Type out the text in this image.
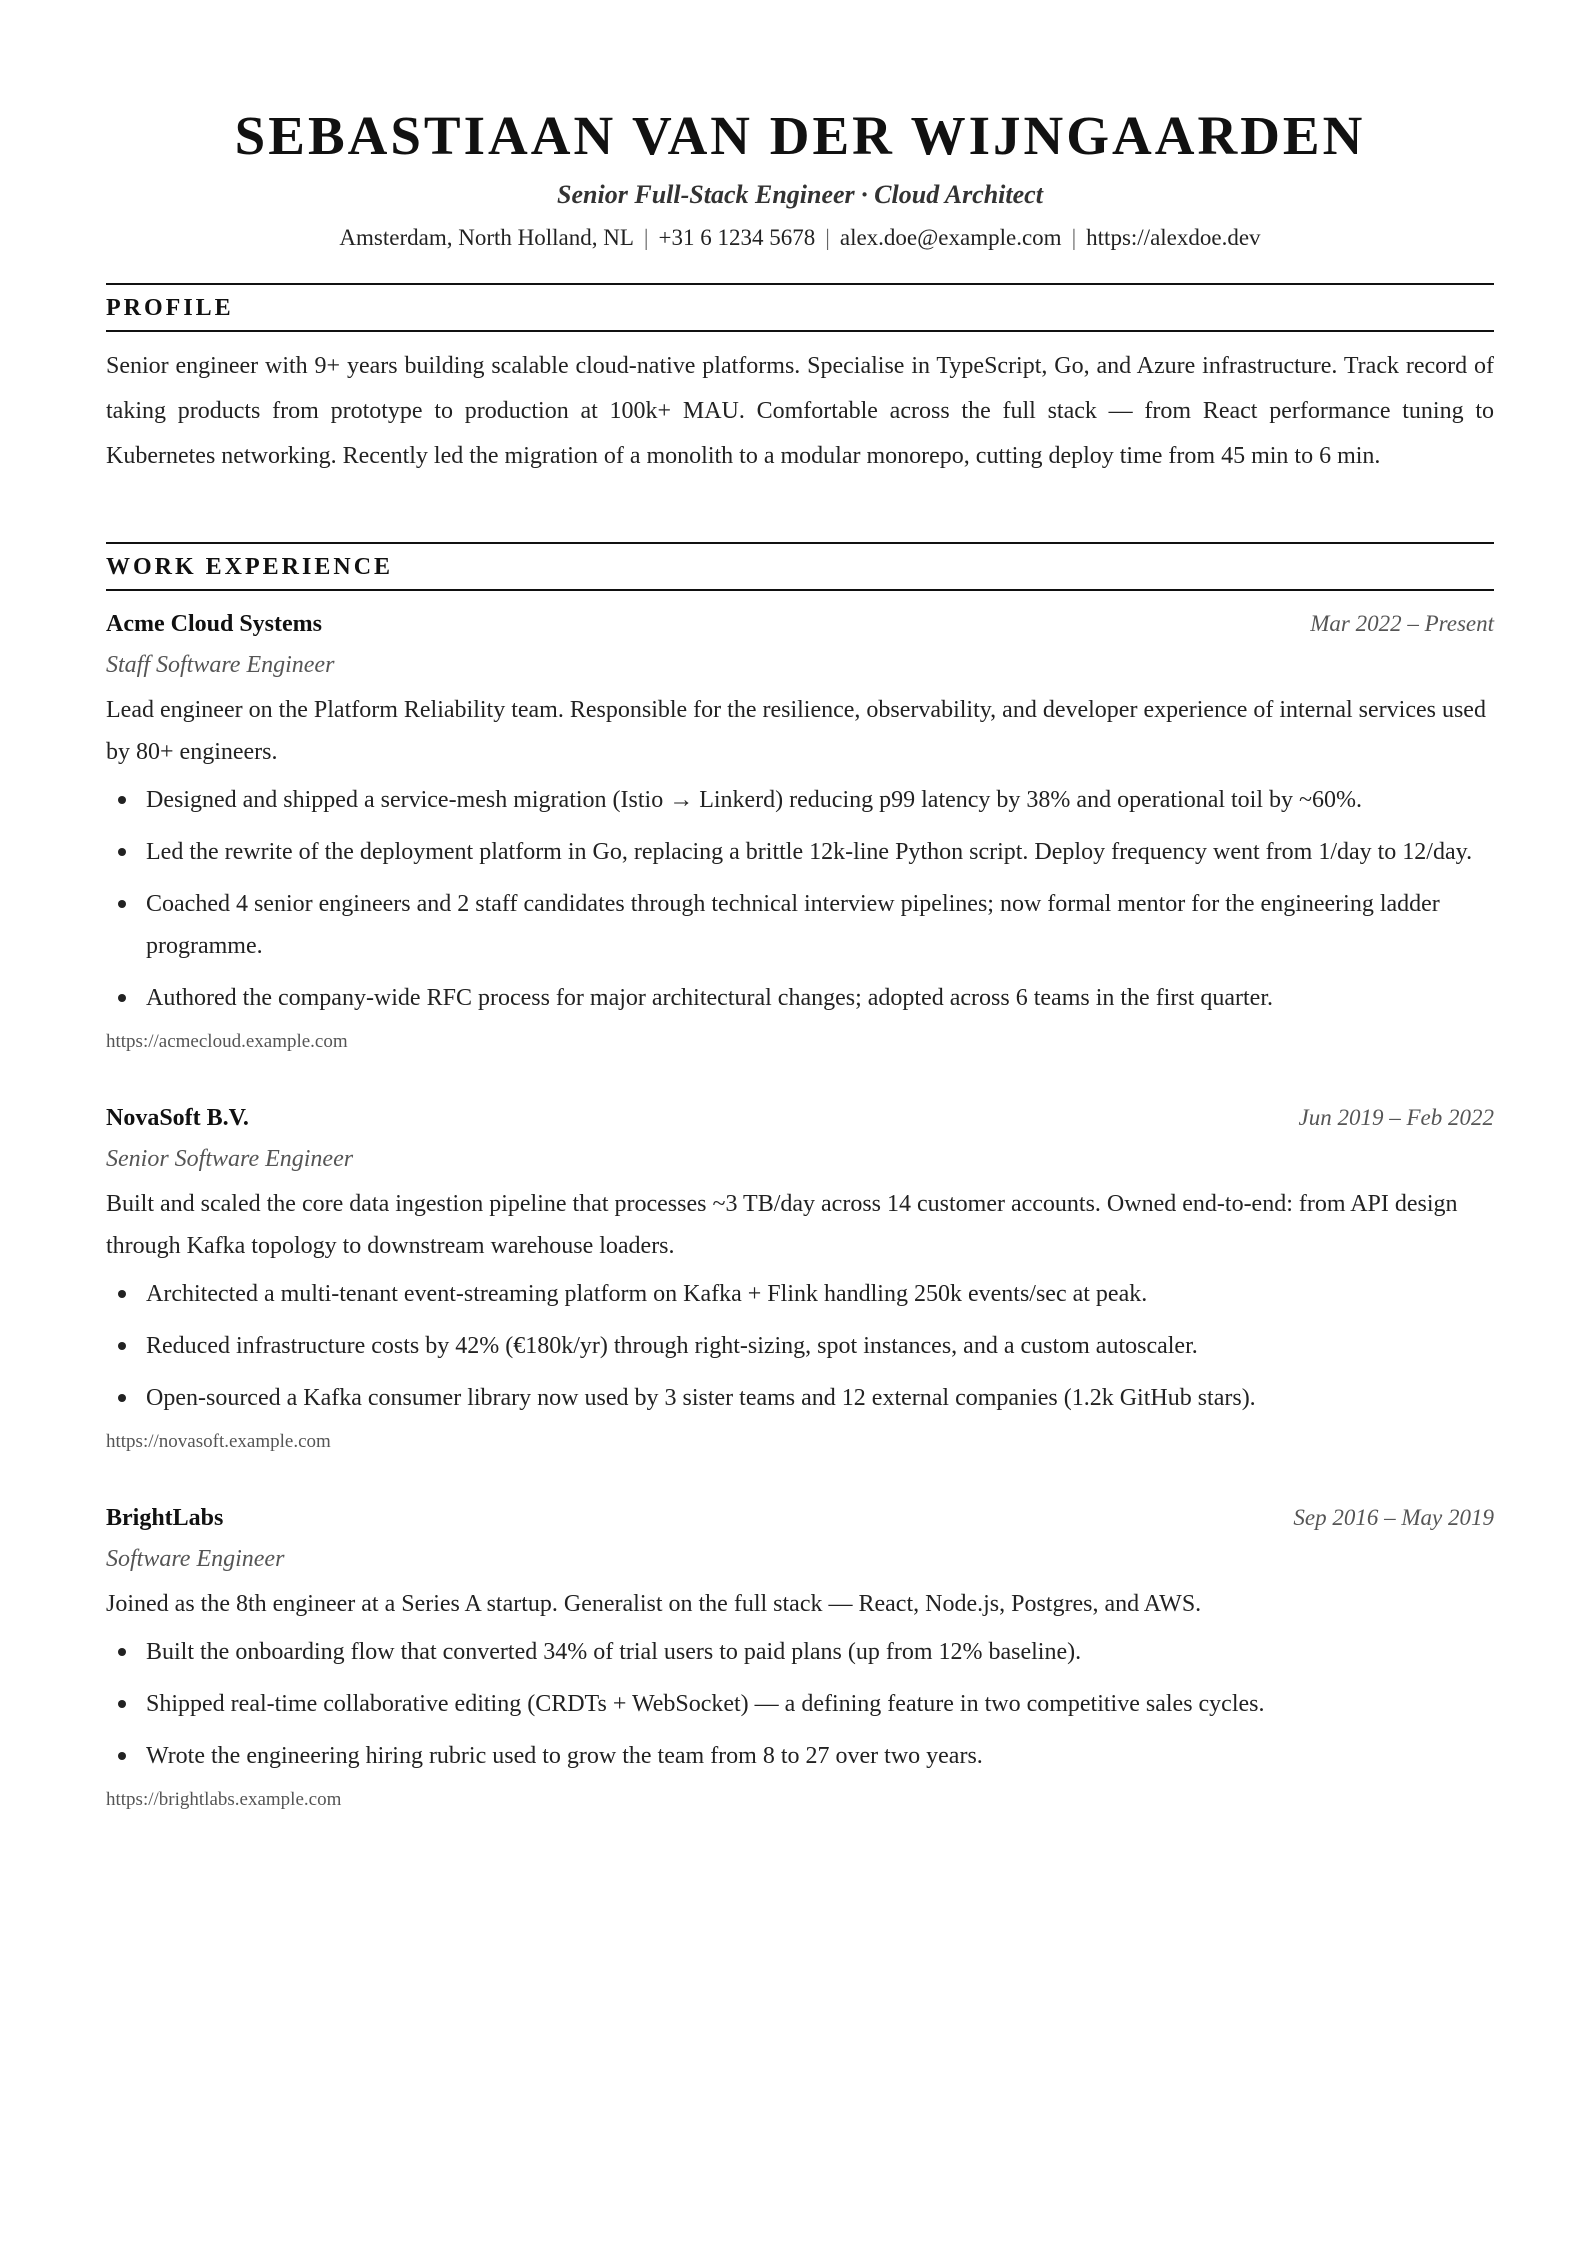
SEBASTIAAN VAN DER WIJNGAARDEN
Senior Full-Stack Engineer · Cloud Architect
Amsterdam, North Holland, NL | +31 6 1234 5678 | alex.doe@example.com | https://alexdoe.dev
PROFILE
Senior engineer with 9+ years building scalable cloud-native platforms. Specialise in TypeScript, Go, and Azure infrastructure. Track record of taking products from prototype to production at 100k+ MAU. Comfortable across the full stack — from React performance tuning to Kubernetes networking. Recently led the migration of a monolith to a modular monorepo, cutting deploy time from 45 min to 6 min.
WORK EXPERIENCE
Acme Cloud Systems	Mar 2022 – Present
Staff Software Engineer
Lead engineer on the Platform Reliability team. Responsible for the resilience, observability, and developer experience of internal services used by 80+ engineers.
Designed and shipped a service-mesh migration (Istio → Linkerd) reducing p99 latency by 38% and operational toil by ~60%.
Led the rewrite of the deployment platform in Go, replacing a brittle 12k-line Python script. Deploy frequency went from 1/day to 12/day.
Coached 4 senior engineers and 2 staff candidates through technical interview pipelines; now formal mentor for the engineering ladder programme.
Authored the company-wide RFC process for major architectural changes; adopted across 6 teams in the first quarter.
https://acmecloud.example.com
NovaSoft B.V.	Jun 2019 – Feb 2022
Senior Software Engineer
Built and scaled the core data ingestion pipeline that processes ~3 TB/day across 14 customer accounts. Owned end-to-end: from API design through Kafka topology to downstream warehouse loaders.
Architected a multi-tenant event-streaming platform on Kafka + Flink handling 250k events/sec at peak.
Reduced infrastructure costs by 42% (€180k/yr) through right-sizing, spot instances, and a custom autoscaler.
Open-sourced a Kafka consumer library now used by 3 sister teams and 12 external companies (1.2k GitHub stars).
https://novasoft.example.com
BrightLabs	Sep 2016 – May 2019
Software Engineer
Joined as the 8th engineer at a Series A startup. Generalist on the full stack — React, Node.js, Postgres, and AWS.
Built the onboarding flow that converted 34% of trial users to paid plans (up from 12% baseline).
Shipped real-time collaborative editing (CRDTs + WebSocket) — a defining feature in two competitive sales cycles.
Wrote the engineering hiring rubric used to grow the team from 8 to 27 over two years.
https://brightlabs.example.com
